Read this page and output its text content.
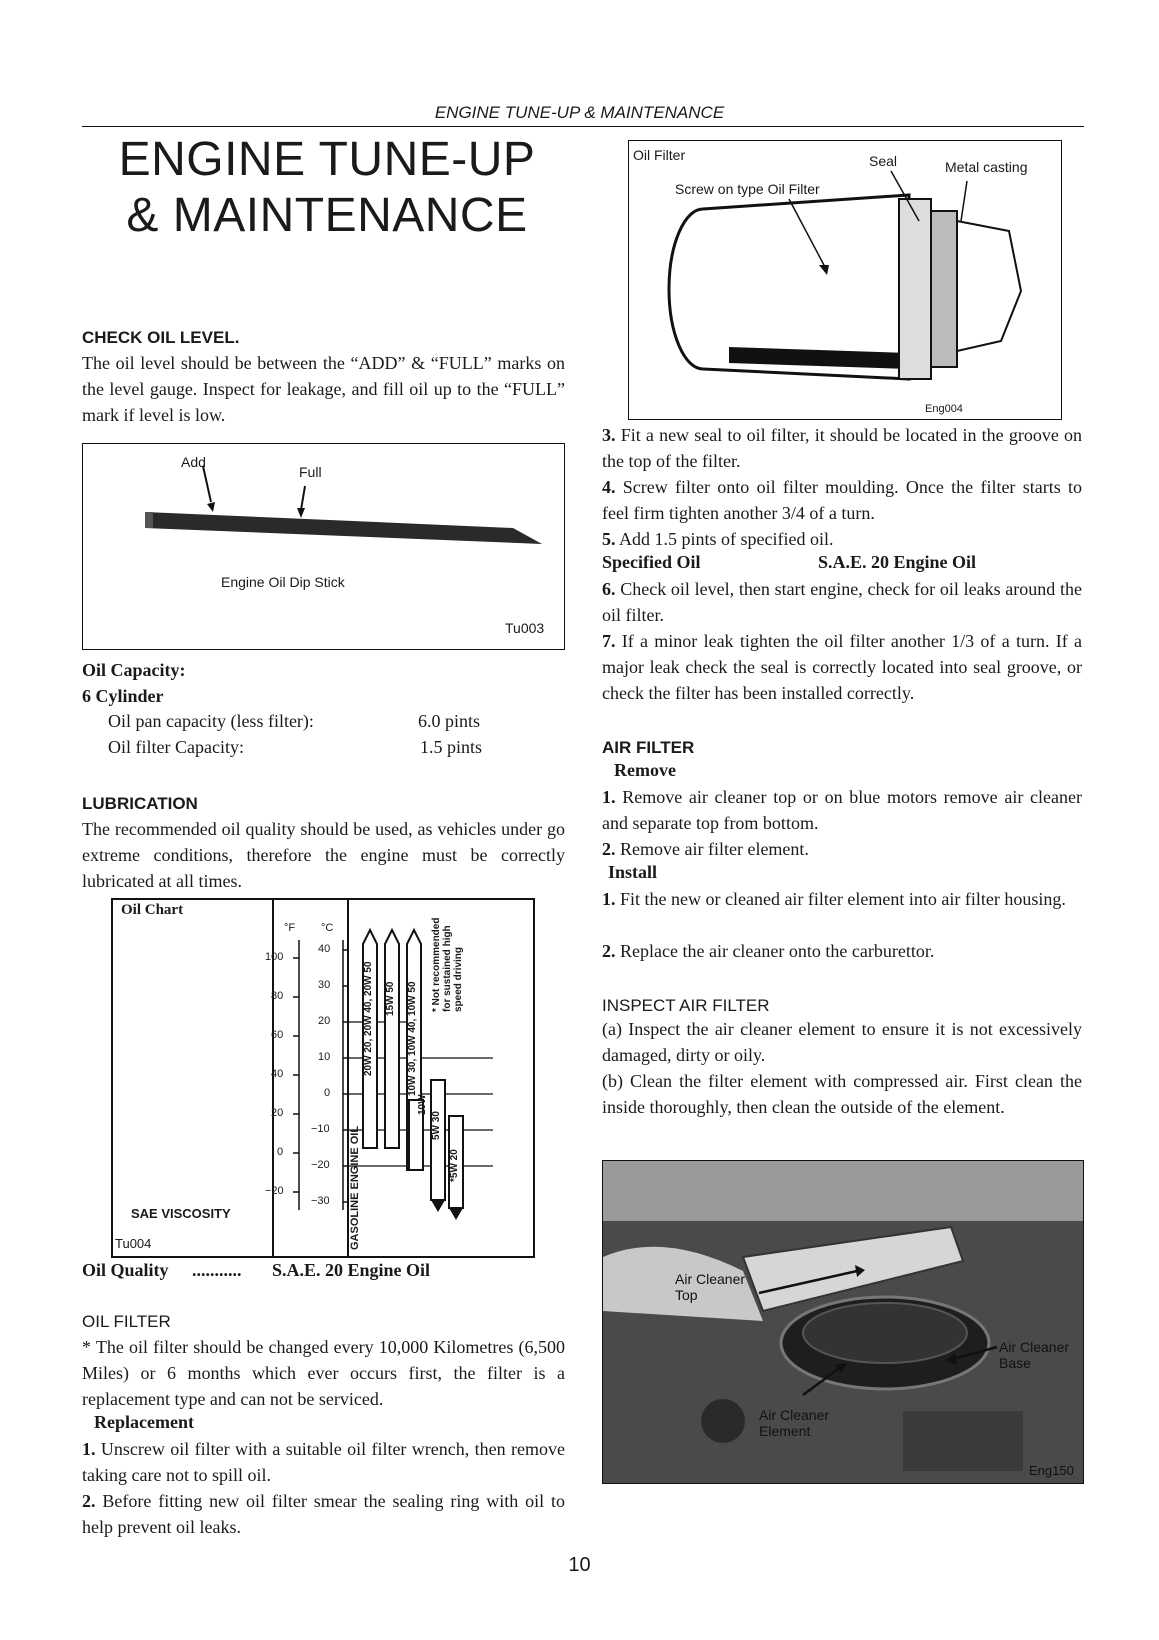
ENGINE TUNE-UP & MAINTENANCE
ENGINE TUNE-UP
& MAINTENANCE
CHECK OIL LEVEL.
The oil level should be between the “ADD” & “FULL” marks on the level gauge. Inspect for leakage, and fill oil up to the “FULL” mark if level is low.
Add
Full
Engine Oil Dip Stick
Tu003
Oil Capacity:
6 Cylinder
Oil pan capacity (less filter):	6.0 pints
Oil filter Capacity:	1.5 pints
LUBRICATION
The recommended oil quality should be used, as vehicles under go extreme conditions, therefore the engine must be correctly lubricated at all times.
Oil Chart
°F °C
100
80
60
40
20
0
−20
40
30
20
10
0
−10
−20
−30
SAE VISCOSITY
Tu004	GASOLINE ENGINE OIL
20W 20, 20W 40, 20W 50 15W 50 10W 30, 10W 40, 10W 50
10W
5W 30
*5W 20
* Not recommended for sustained high speed driving
Oil Quality ........... S.A.E. 20 Engine Oil
OIL FILTER
* The oil filter should be changed every 10,000 Kilometres (6,500 Miles) or 6 months which ever occurs first, the filter is a replacement type and can not be serviced.
Replacement
1. Unscrew oil filter with a suitable oil filter wrench, then remove taking care not to spill oil.
2. Before fitting new oil filter smear the sealing ring with oil to help prevent oil leaks.
Oil Filter	Seal	Metal casting
Screw on type Oil Filter
Eng004
3. Fit a new seal to oil filter, it should be located in the groove on the top of the filter.
4. Screw filter onto oil filter moulding. Once the filter starts to feel firm tighten another 3/4 of a turn.
5. Add 1.5 pints of specified oil.
Specified Oil	S.A.E. 20 Engine Oil
6. Check oil level, then start engine, check for oil leaks around the oil filter.
7. If a minor leak tighten the oil filter another 1/3 of a turn. If a major leak check the seal is correctly located into seal groove, or check the filter has been installed correctly.
AIR FILTER
Remove
1. Remove air cleaner top or on blue motors remove air cleaner and separate top from bottom.
2. Remove air filter element.
Install
1. Fit the new or cleaned air filter element into air filter housing.
2. Replace the air cleaner onto the carburettor.
INSPECT AIR FILTER
(a) Inspect the air cleaner element to ensure it is not excessively damaged, dirty or oily.
(b) Clean the filter element with compressed air. First clean the inside thoroughly, then clean the outside of the element.
Air Cleaner Top
Air Cleaner Base
Air Cleaner Element
Eng150
10
